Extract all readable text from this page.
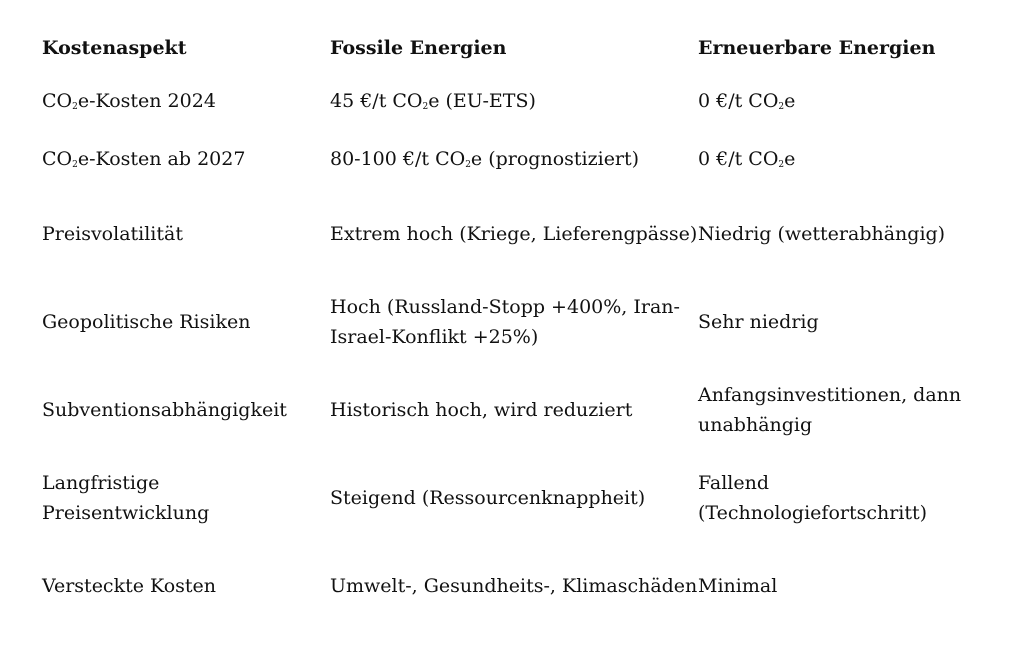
Kostenaspekt	Fossile Energien	Erneuerbare Energien
$CO_2e$-Kosten 2024	45 €/t $CO_2e$ (EU-ETS)	0 €/t $CO_2e$
$CO_2e$-Kosten ab 2027	80-100 €/t $CO_2e$ (prognostiziert)	0 €/t $CO_2e$
Preisvolatilität	Extrem hoch (Kriege, Lieferengpässe)	Niedrig (wetterabhängig)
Geopolitische Risiken	Hoch (Russland-Stopp +400%, Iran-Israel-Konflikt +25%)	Sehr niedrig
Subventionsabhängigkeit	Historisch hoch, wird reduziert	Anfangsinvestitionen, dann unabhängig
Langfristige Preisentwicklung	Steigend (Ressourcenknappheit)	Fallend (Technologiefortschritt)
Versteckte Kosten	Umwelt-, Gesundheits-, Klimaschäden	Minimal
